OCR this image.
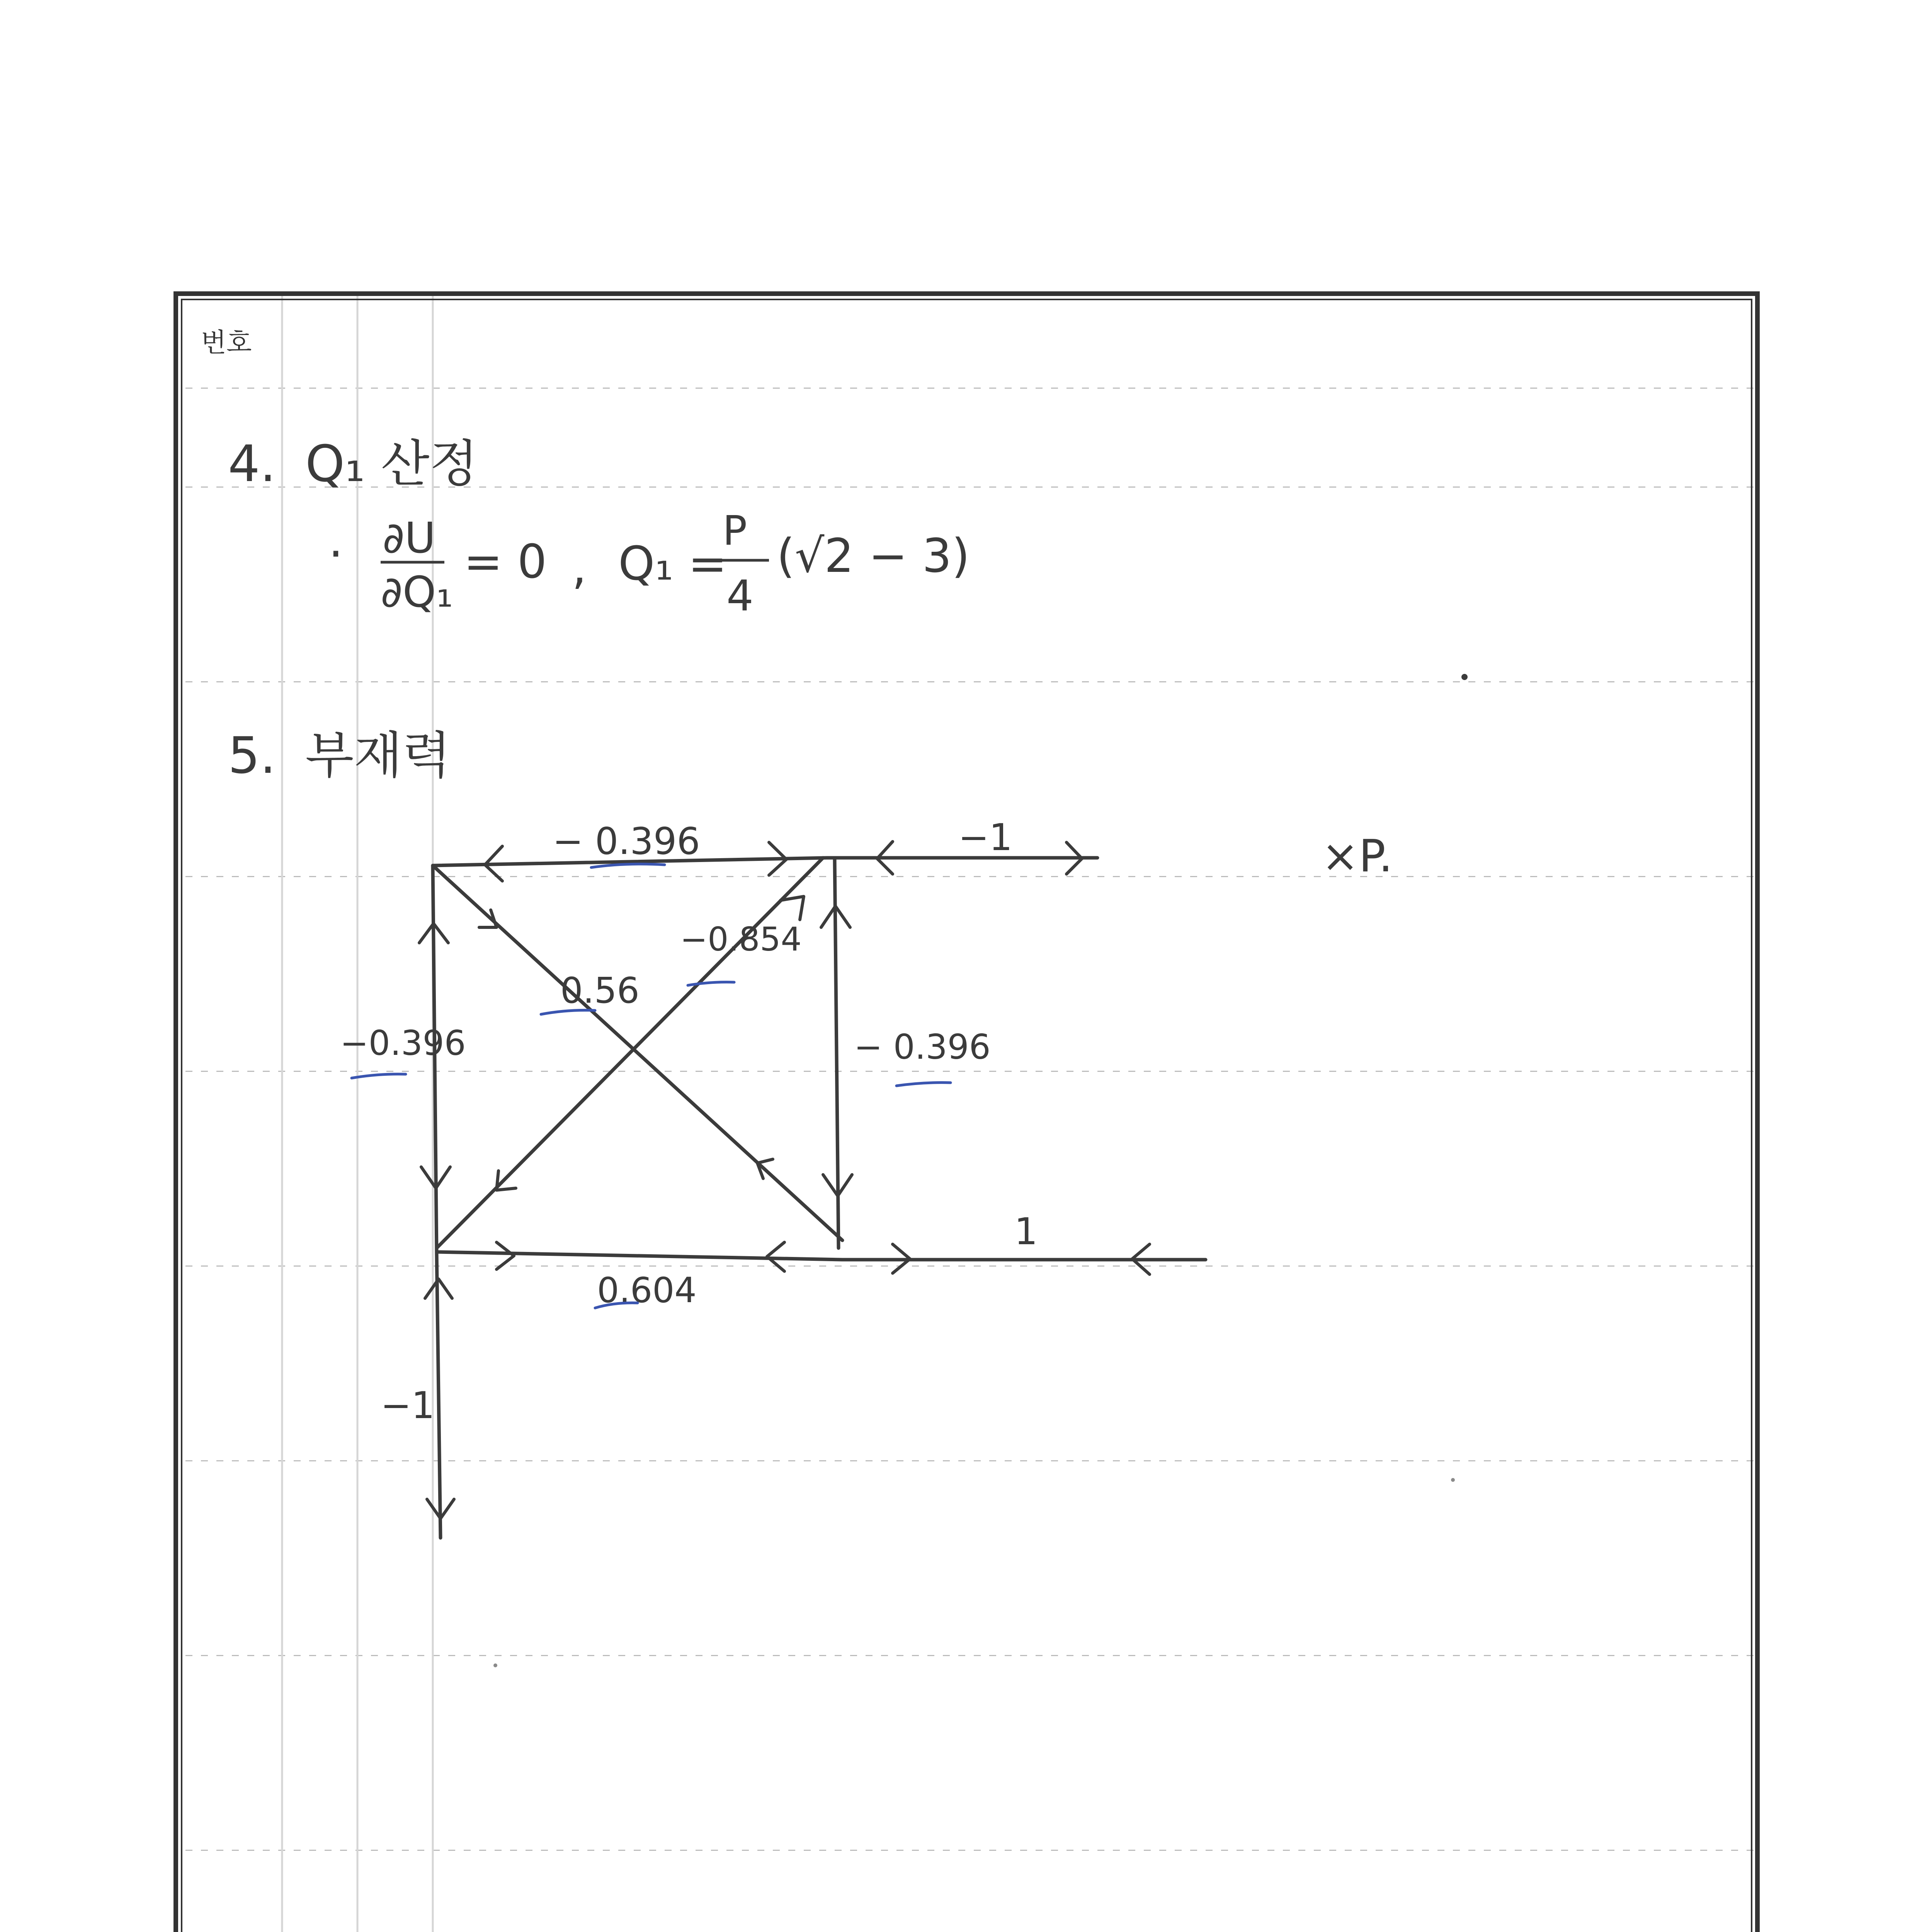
번호
4. Q₁ 산정
· ∂U
∂Q₁
= 0 , Q₁ =
P
4
(√2 − 3)
5. 부재력
×P.
− 0.396	−1
−0.396
0.56
−0.854
− 0.396
0.604
1
−1
